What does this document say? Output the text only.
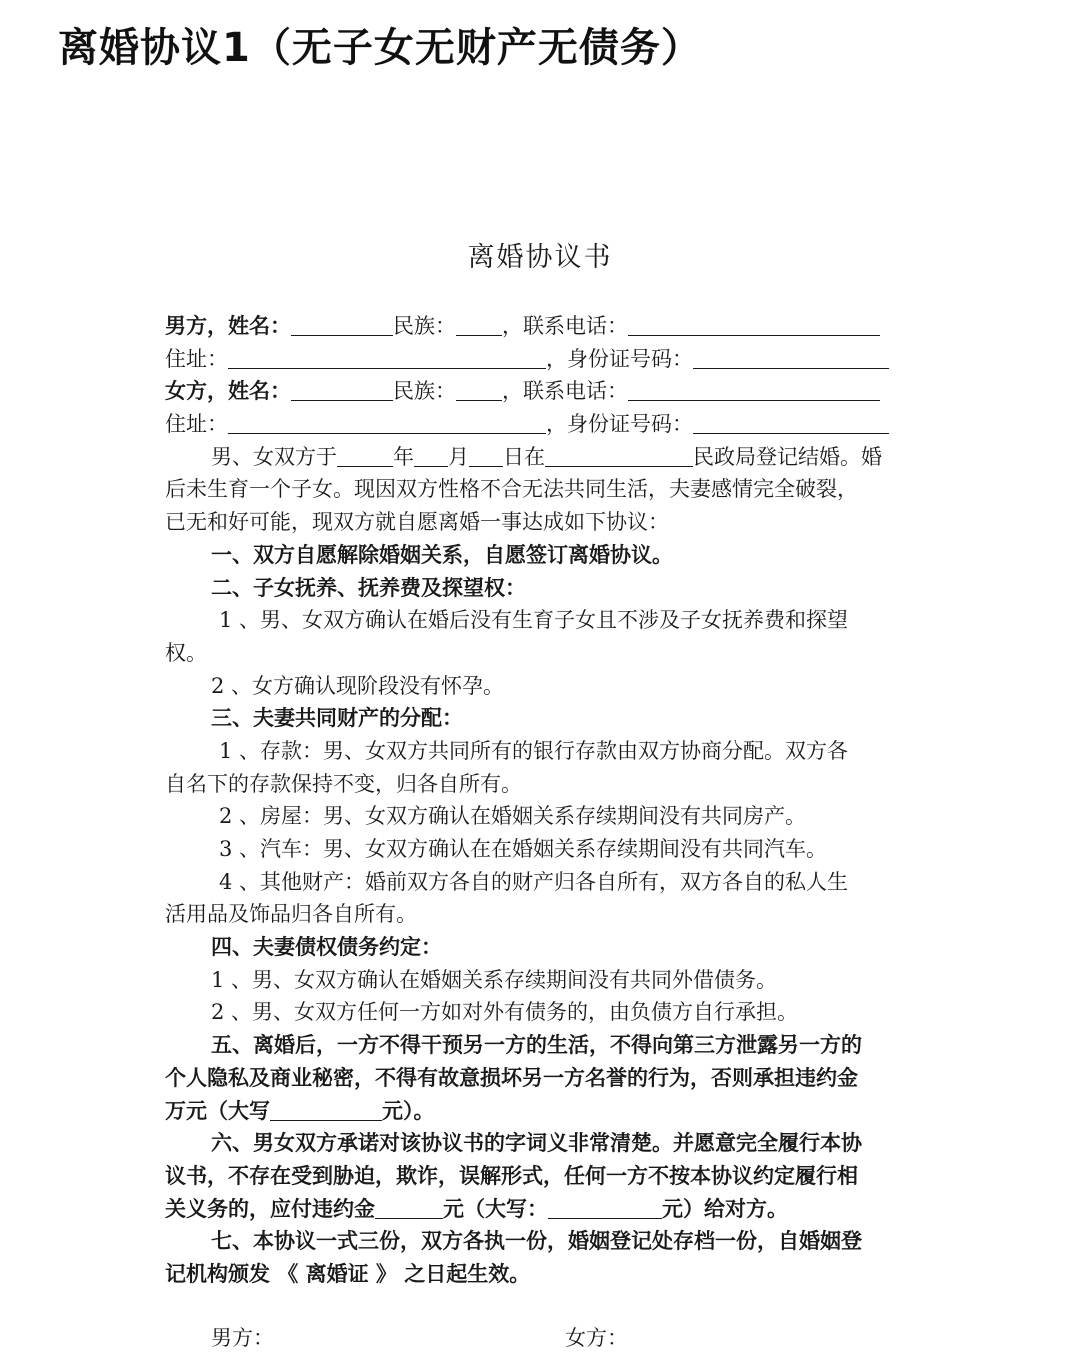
离婚协议1（无子女无财产无债务）
离婚协议书
男方，姓名：	民族： ，联系电话：
住址：	，身份证号码：
女方，姓名：	民族： ，联系电话：
住址：	，身份证号码：
男、女双方于	年 月 日在	民政局登记结婚。婚
后未生育一个子女。现因双方性格不合无法共同生活，夫妻感情完全破裂，
已无和好可能，现双方就自愿离婚一事达成如下协议：
一、双方自愿解除婚姻关系，自愿签订离婚协议。
二、子女抚养、抚养费及探望权：
1 、男、女双方确认在婚后没有生育子女且不涉及子女抚养费和探望
权。
2 、女方确认现阶段没有怀孕。
三、夫妻共同财产的分配：
1 、存款：男、女双方共同所有的银行存款由双方协商分配。双方各
自名下的存款保持不变，归各自所有。
2 、房屋：男、女双方确认在婚姻关系存续期间没有共同房产。
3 、汽车：男、女双方确认在在婚姻关系存续期间没有共同汽车。
4 、其他财产：婚前双方各自的财产归各自所有，双方各自的私人生
活用品及饰品归各自所有。
四、夫妻债权债务约定：
1 、男、女双方确认在婚姻关系存续期间没有共同外借债务。
2 、男、女双方任何一方如对外有债务的，由负债方自行承担。
五、离婚后，一方不得干预另一方的生活，不得向第三方泄露另一方的
个人隐私及商业秘密，不得有故意损坏另一方名誉的行为，否则承担违约金
万元（大写	元）。
六、男女双方承诺对该协议书的字词义非常清楚。并愿意完全履行本协
议书，不存在受到胁迫，欺诈，误解形式，任何一方不按本协议约定履行相
关义务的，应付违约金	元（大写：	元）给对方。
七、本协议一式三份，双方各执一份，婚姻登记处存档一份，自婚姻登
记机构颁发 《 离婚证 》 之日起生效。
男方：	女方：
